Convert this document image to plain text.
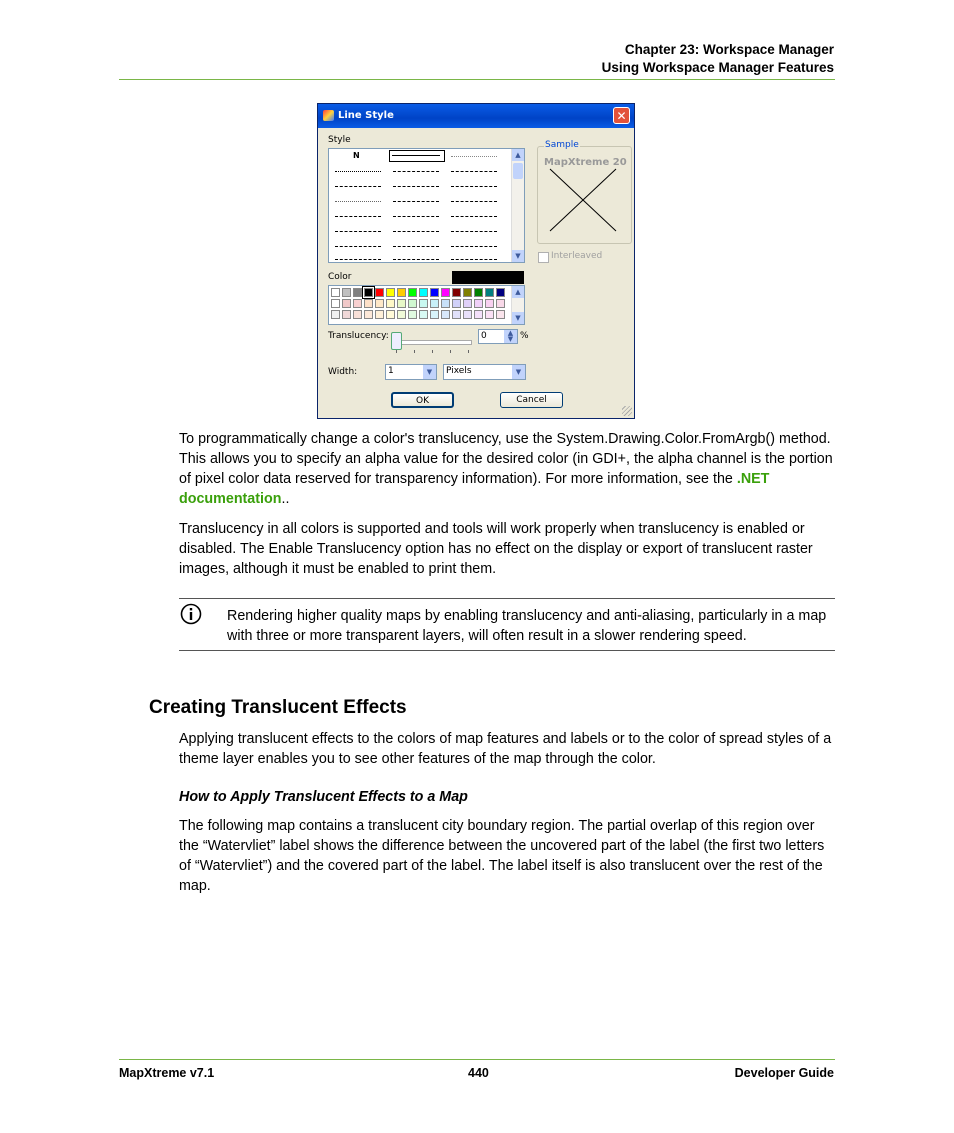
Chapter 23: Workspace Manager
Using Workspace Manager Features
Line Style	✕
Style
N	▲
▼
Sample
MapXtreme 20
Interleaved
Color
▲
▼
Translucency:	0	▲
▼ %
Width:	1	▼	Pixels	▼
OK	Cancel
To programmatically change a color's translucency, use the System.Drawing.Color.FromArgb() method. This allows you to specify an alpha value for the desired color (in GDI+, the alpha channel is the portion of pixel color data reserved for transparency information). For more information, see the .NET documentation..
Translucency in all colors is supported and tools will work properly when translucency is enabled or disabled. The Enable Translucency option has no effect on the display or export of translucent raster images, although it must be enabled to print them.
Rendering higher quality maps by enabling translucency and anti-aliasing, particularly in a map with three or more transparent layers, will often result in a slower rendering speed.
Creating Translucent Effects
Applying translucent effects to the colors of map features and labels or to the color of spread styles of a theme layer enables you to see other features of the map through the color.
How to Apply Translucent Effects to a Map
The following map contains a translucent city boundary region. The partial overlap of this region over the “Watervliet” label shows the difference between the uncovered part of the label (the first two letters of “Watervliet”) and the covered part of the label. The label itself is also translucent over the rest of the map.
MapXtreme v7.1	440	Developer Guide
